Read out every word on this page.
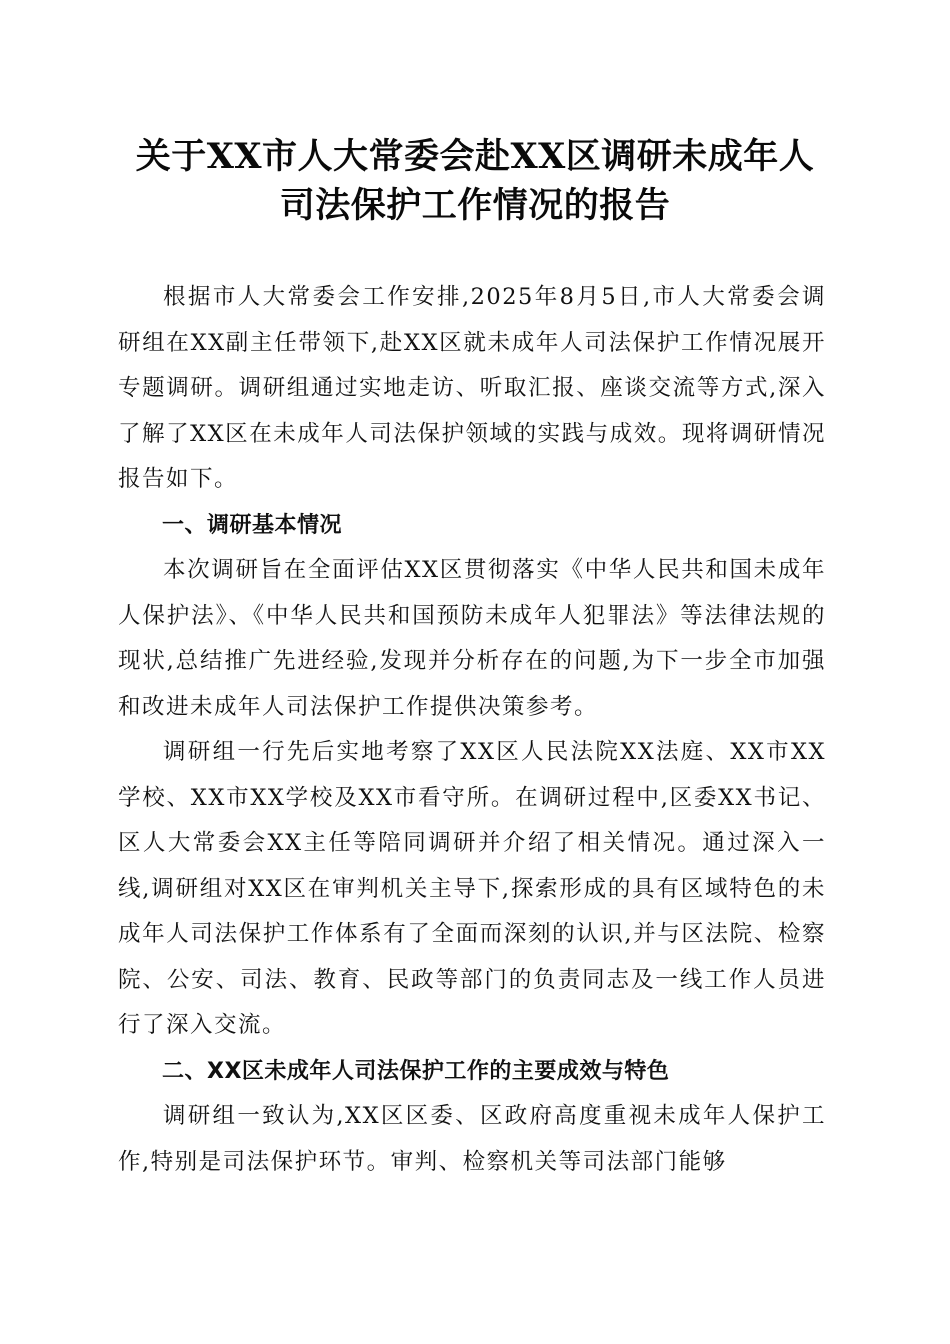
关于XX市人大常委会赴XX区调研未成年人
司法保护工作情况的报告

根据市人大常委会工作安排,2025年8月5日,市人大常委会调研组在XX副主任带领下,赴XX区就未成年人司法保护工作情况展开专题调研。调研组通过实地走访、听取汇报、座谈交流等方式,深入了解了XX区在未成年人司法保护领域的实践与成效。现将调研情况报告如下。

一、调研基本情况

本次调研旨在全面评估XX区贯彻落实《中华人民共和国未成年人保护法》、《中华人民共和国预防未成年人犯罪法》等法律法规的现状,总结推广先进经验,发现并分析存在的问题,为下一步全市加强和改进未成年人司法保护工作提供决策参考。

调研组一行先后实地考察了XX区人民法院XX法庭、XX市XX学校、XX市XX学校及XX市看守所。在调研过程中,区委XX书记、区人大常委会XX主任等陪同调研并介绍了相关情况。通过深入一线,调研组对XX区在审判机关主导下,探索形成的具有区域特色的未成年人司法保护工作体系有了全面而深刻的认识,并与区法院、检察院、公安、司法、教育、民政等部门的负责同志及一线工作人员进行了深入交流。

二、XX区未成年人司法保护工作的主要成效与特色

调研组一致认为,XX区区委、区政府高度重视未成年人保护工作,特别是司法保护环节。审判、检察机关等司法部门能够
